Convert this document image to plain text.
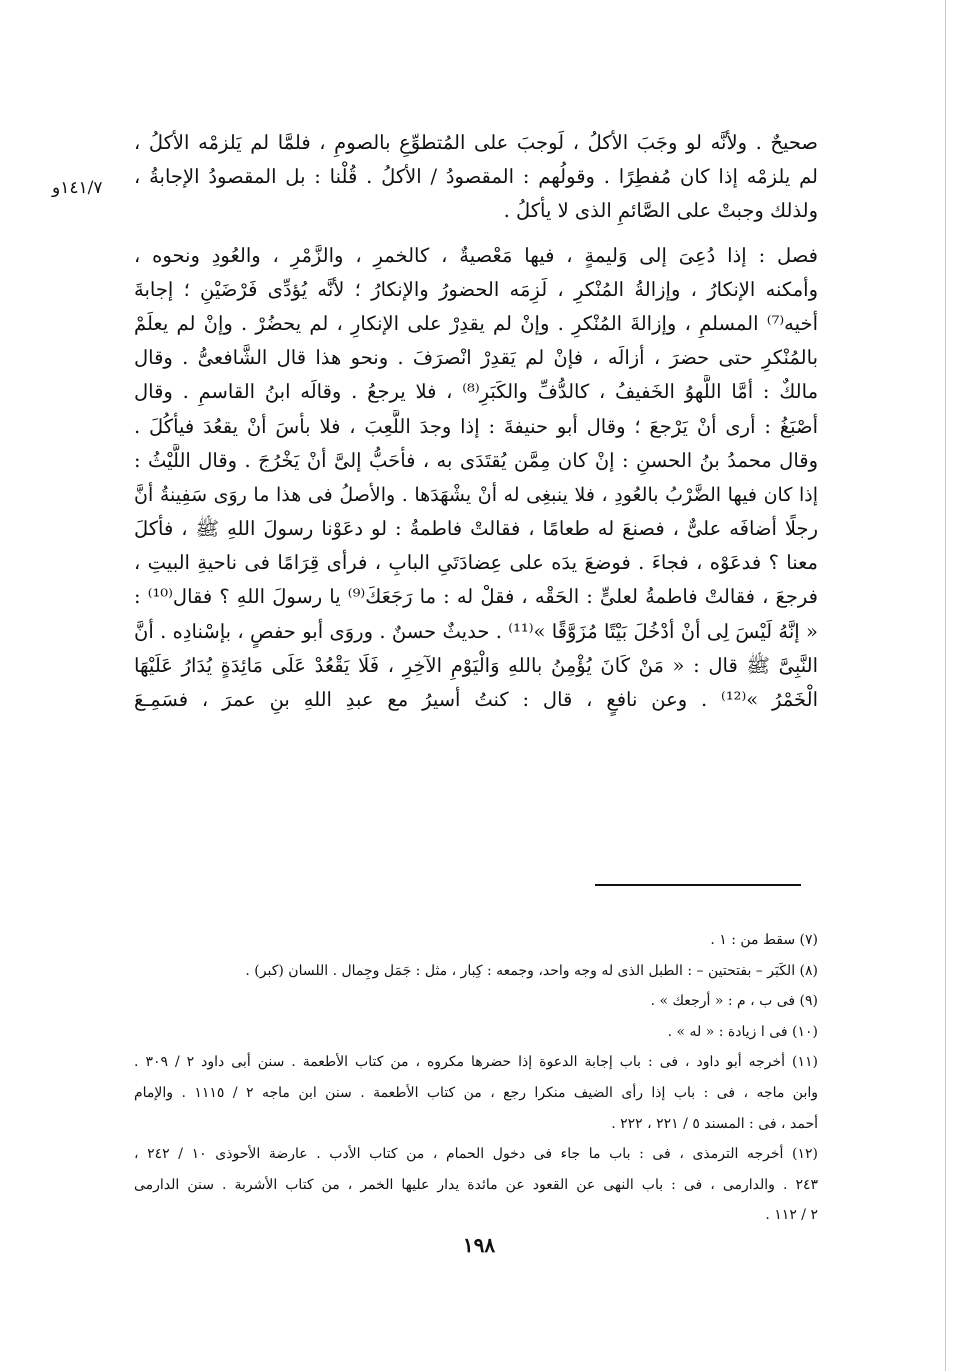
١٤١/٧و
صحيحٌ . ولأنَّه لو وجَبَ الأكلُ ، لَوجبَ على المُتطوِّعِ بالصومِ ، فلمَّا لم يَلزمْه الأكلُ ،
لم يلزمْه إذا كان مُفطِرًا . وقولُهم : المقصودُ / الأكلُ . قُلْنا : بل المقصودُ الإجابةُ ،
ولذلك وجبتْ على الصَّائمِ الذى لا يأكلُ .
فصل : إذا دُعِىَ إلى وَليمةٍ ، فيها مَعْصيةٌ ، كالخمرِ ، والزَّمْرِ ، والعُودِ ونحوه ،
وأمكنه الإنكارُ ، وإزالةُ المُنْكرِ ، لَزِمَه الحضورُ والإنكارُ ؛ لأنَّه يُؤدِّى فَرْضَيْنِ ؛ إجابةَ
أخيه⁽⁷⁾ المسلمِ ، وإزالةَ المُنْكرِ . وإنْ لم يقدِرْ على الإنكارِ ، لم يحضُرْ . وإنْ لم يعلَمْ
بالمُنْكرِ حتى حضرَ ، أزالَه ، فإنْ لم يَقدِرْ انْصرَفَ . ونحو هذا قال الشَّافعىُّ . وقال
مالكٌ : أمَّا اللَّهوُ الخَفيفُ ، كالدُّفِّ والكَبَرِ⁽⁸⁾ ، فلا يرجعُ . وقالَه ابنُ القاسمِ . وقال
أصْبَغُ : أرى أنْ يَرْجعَ ؛ وقال أبو حنيفةَ : إذا وجدَ اللَّعِبَ ، فلا بأسَ أنْ يقعُدَ فيأكُلَ .
وقال محمدُ بنُ الحسنِ : إنْ كان مِمَّن يُقتَدَى به ، فأحَبُّ إلىَّ أنْ يَخْرُجَ . وقال اللَّيْثُ :
إذا كان فيها الضَّرْبُ بالعُودِ ، فلا ينبغِى له أنْ يشْهَدَها . والأصلُ فى هذا ما روَى سَفِينةُ أنَّ
رجلًا أضافَه علىٌّ ، فصنعَ له طعامًا ، فقالتْ فاطمةُ : لو دعَوْنا رسولَ اللهِ ﷺ ، فأكلَ
معنا ؟ فدعَوْه ، فجاءَ . فوضعَ يدَه على عِضادَتَىِ البابِ ، فرأى قِرَامًا فى ناحيةِ البيتِ ،
فرجعَ ، فقالتْ فاطمةُ لعلىٍّ : الحَقْه ، فقلْ له : ما رَجَعَكَ⁽⁹⁾ يا رسولَ اللهِ ؟ فقال⁽¹⁰⁾ :
« إنَّهُ لَيْسَ لِى أنْ أدْخُلَ بَيْتًا مُزَوَّقًا »⁽¹¹⁾ . حديثٌ حسنٌ . وروَى أبو حفصٍ ، بإسْنادِه . أنَّ
النَّبِىَّ ﷺ قال : « مَنْ كَانَ يُؤْمِنُ باللهِ وَالْيَوْمِ الآخِرِ ، فَلَا يَقْعُدْ عَلَى مَائِدَةٍ يُدَارُ عَلَيْهَا
الْخَمْرُ »⁽¹²⁾ . وعن نافعٍ ، قال : كنتُ أسيرُ مع عبدِ اللهِ بنِ عمرَ ، فسَمِـعَ
(٧) سقط من : ١ .
(٨) الكَبَر – بفتحتين – : الطبل الذى له وجه واحد، وجمعه : كِبار ، مثل : جَمَل وجِمال . اللسان (كبر) .
(٩) فى ب ، م : « أرجعك » .
(١٠) فى ا زيادة : « له » .
(١١) أخرجه أبو داود ، فى : باب إجابة الدعوة إذا حضرها مكروه ، من كتاب الأطعمة . سنن أبى داود ٢ / ٣٠٩ .
وابن ماجه ، فى : باب إذا رأى الضيف منكرا رجع ، من كتاب الأطعمة . سنن ابن ماجه ٢ / ١١١٥ . والإمام
أحمد ، فى : المسند ٥ / ٢٢١ ، ٢٢٢ .
(١٢) أخرجه الترمذى ، فى : باب ما جاء فى دخول الحمام ، من كتاب الأدب . عارضة الأحوذى ١٠ / ٢٤٢ ،
٢٤٣ . والدارمى ، فى : باب النهى عن القعود عن مائدة يدار عليها الخمر ، من كتاب الأشربة . سنن الدارمى
٢ / ١١٢ .
١٩٨
